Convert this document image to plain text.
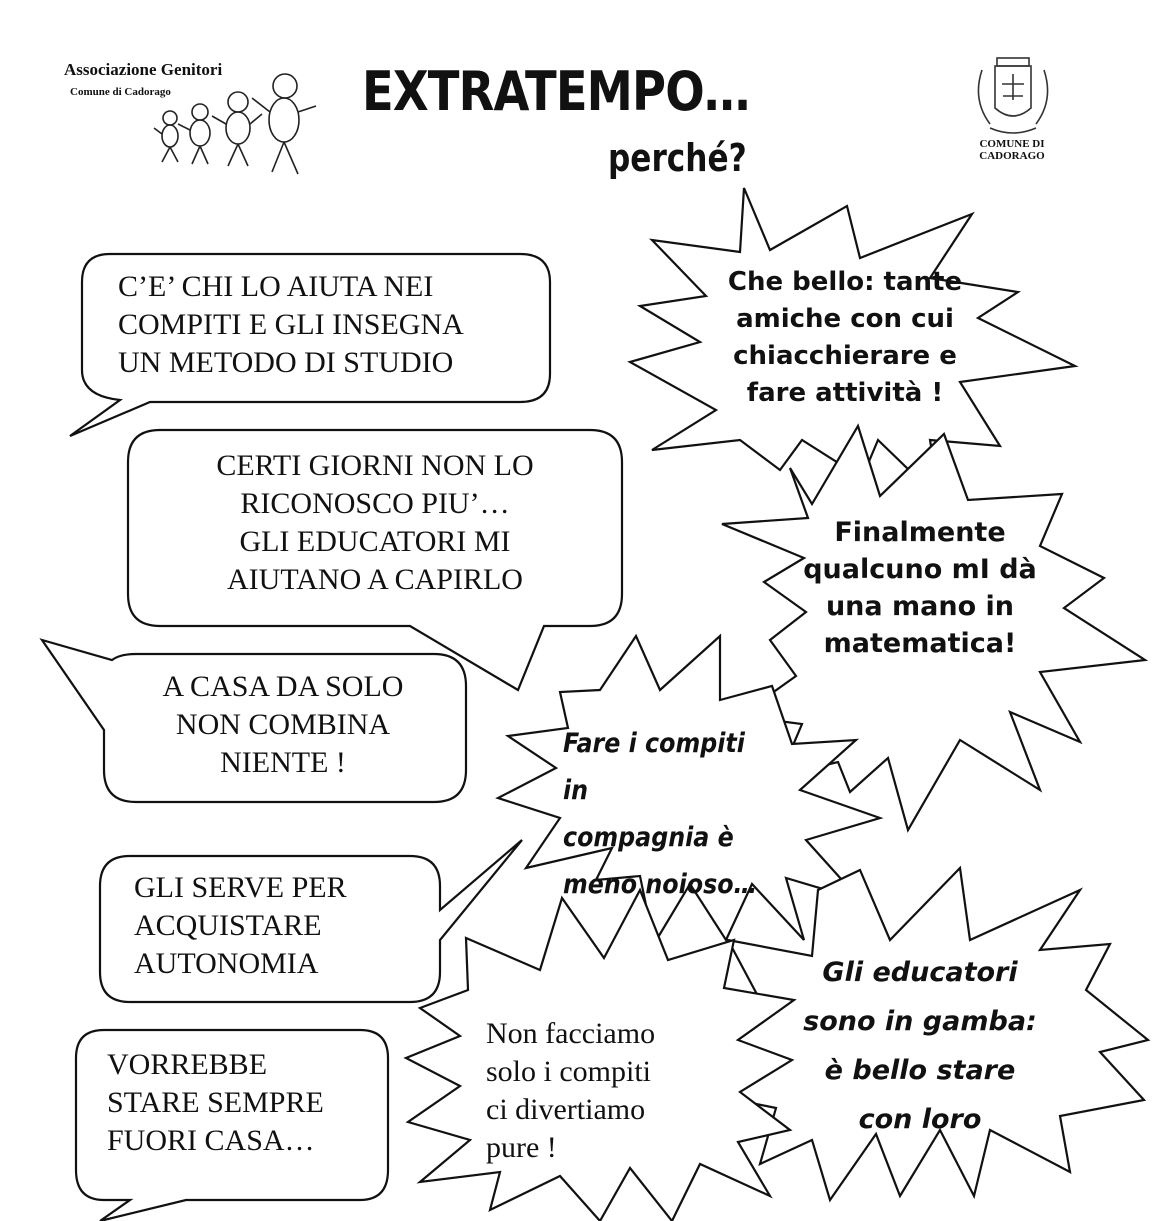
Associazione Genitori
Comune di Cadorago	EXTRATEMPO…
perché?	COMUNE DI
CADORAGO
C’E’ CHI LO AIUTA NEI
COMPITI E GLI INSEGNA
UN METODO DI STUDIO
CERTI GIORNI NON LO
RICONOSCO PIU’…
GLI EDUCATORI MI
AIUTANO A CAPIRLO
A CASA DA SOLO
NON COMBINA
NIENTE !
GLI SERVE PER
ACQUISTARE
AUTONOMIA
VORREBBE
STARE SEMPRE
FUORI CASA…
Che bello: tante
amiche con cui
chiacchierare e
fare attività !
Finalmente
qualcuno mI dà
una mano in
matematica!
Fare i compiti in
compagnia è
meno noioso…
Gli educatori
sono in gamba:
è bello stare
con loro
Non facciamo
solo i compiti
ci divertiamo
pure !
